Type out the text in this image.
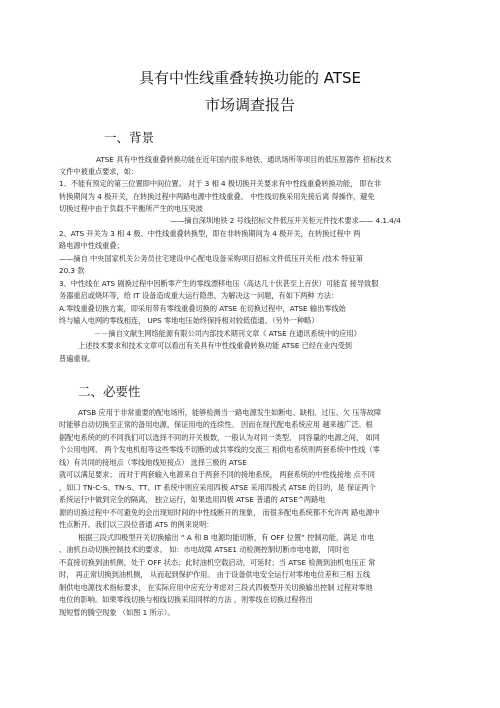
具有中性线重叠转换功能的 ATSE
市场调查报告
一、背景
ATSE 具有中性线重叠转换功能在近年国内很多地铁、通讯场所等项目的低压原器件 招标技术
文件中被重点要求，如：
1、不能有预定的第三位置即中间位置。 对于 3 相 4 极切换开关要求有中性线重叠转换功能， 即在非
转换期间为 4 极开关，在转换过程中两路电源中性线重叠。 中性线切换采用先接后离 得操作，避免
切换过程中由于负载不平衡所产生的电压突波
——摘自深圳地铁 2 号线招标文件低压开关柜元件技术要求—— 4.1.4/4
2、ATS 开关为 3 相 4 极、中性线重叠转换型，即在非转换期间为 4 极开关，在转换过程中 两
路电源中性线重叠；
——摘自 中央国家机关公务员住宅建设中心配电设备采购项目招标文件低压开关柜 /技术 特征第
20.3 款
3、中性线在 ATS 剧换过程中因断零产生的零线漂移电压（高达几十伏甚至上百伏）可能直 接导致服
务器重启或烧坏等，给 IT 设备造成重大运行隐患，为解决这一问题，有如下两种 方法：
A.零线重叠切换方案，即采用带有零线重叠切换的 ATSE 在切换过程中，ATSE 输出零线始
终与输入电网的零线相连， UPS 零地电压始终保持相对较低值通。（另外一种略）
－－摘自文献生网络能源有限公司内部技术期刊文章《 ATSE 在通讯系统中的应用》
上述技术要求和技术文章可以看出有关具有中性线重叠转换功能 ATSE 已经在业内受到
普遍重视。
二、必要性
ATSB 应用于非常重要的配电场所，能够检测当一路电源发生如断电、缺相、过压、欠 压等故障
时能够自动切换至正常的备用电源，保证用电的连续性。 因而在现代配电系统应用 越来越广泛。根
据配电系统的的不同我们可以选择不同的开关极数，一般认为对同一类型、 同容量的电源之间， 如同
个公用电网、 两个发电机组等这些零线不切断的或共零线的交流三 相供电系统则两套系统中性线（零
线）有共同的接地点（零线地线短接点） 选择三极的 ATSE
就可以满足要求； 而对于两套输入电源来自于两套不同的接地系统， 两套系统的中性线接地 点不同
，如口 TN-C-S、TN-S、TT、IT 系统中则应采用四极 ATSE 采用四极式 ATSE 的目的，是 保证两个
系统运行中做到完全的隔离， 独立运行，如果选用四极 ATSE 普通的 ATSE^两路电
源的切换过程中不可避免的会出现短时间的中性线断开的现象， 而很多配电系统都不允许两 路电源中
性点断开。我们以三段位普通 ATS 的例来说明：
根据三段式四极型开关切换输出 “ A 和 B 电源均能切断，有 OFF 位置” 控制功能，满足 市电
、油机自动切换控制技术的要求。 如：市电故障 ATSE1 动检测控制切断市电电源， 同时也
不直接切换到油机侧，处于 OFF 状态；此时油机空载启动，可延时；当 ATSE 检测到油机电压正 常
时， 再正常切换到油机侧， 从而起到保护作用。 由于设备供电安全运行对零地电位差和三相 五线
制供电电源技术指标要求， 在实际应用中应充分考虑对三段式四极型开关切换输出控制 过程对零地
电位的影响。如果零线切换与相线切换采用同样的方法 ，则零线在切换过程将出
现短暂的腾空现象 （如图 1 所示）。
